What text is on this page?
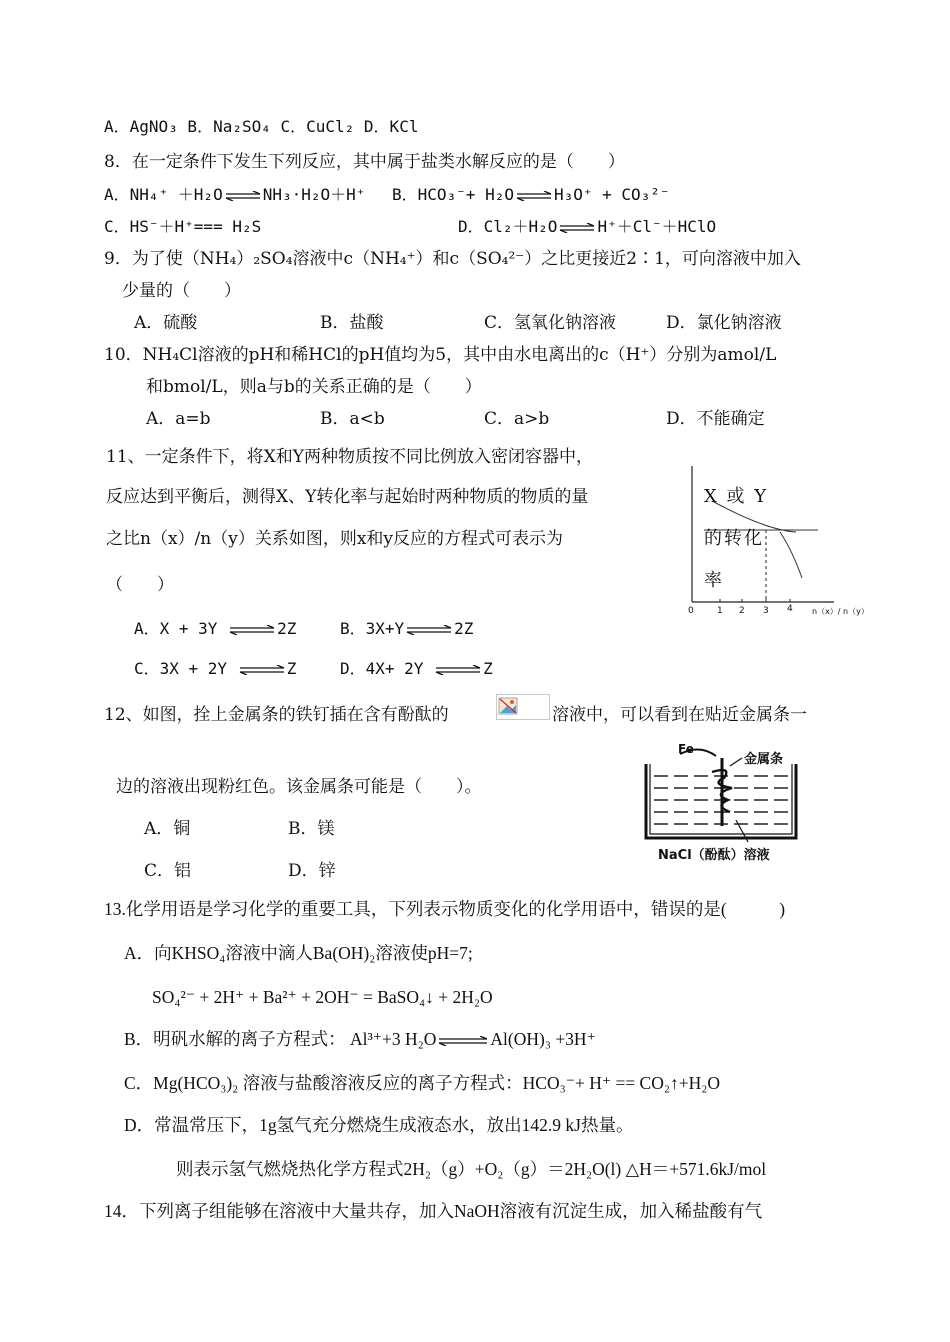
A．AgNO₃ B．Na₂SO₄ C．CuCl₂ D．KCl
8．在一定条件下发生下列反应，其中属于盐类水解反应的是（　　）
A．NH₄⁺ ＋H₂O ⇌ NH₃·H₂O＋H⁺ B．HCO₃⁻+ H₂O ⇌ H₃O⁺ + CO₃²⁻
C．HS⁻＋H⁺=== H₂S	D．Cl₂＋H₂O ⇌ H⁺＋Cl⁻＋HClO
9．为了使（NH₄）₂SO₄溶液中c（NH₄⁺）和c（SO₄²⁻）之比更接近2∶1，可向溶液中加入
少量的（　　）
A．硫酸	B．盐酸	C．氢氧化钠溶液	D．氯化钠溶液
10．NH₄Cl溶液的pH和稀HCl的pH值均为5，其中由水电离出的c（H⁺）分别为amol/L
和bmol/L，则a与b的关系正确的是（　　）
A．a=b	B．a<b	C．a>b	D．不能确定
11、一定条件下，将X和Y两种物质按不同比例放入密闭容器中，
反应达到平衡后，测得X、Y转化率与起始时两种物质的物质的量
之比n（x）/n（y）关系如图，则x和y反应的方程式可表示为
（　　）
A．X + 3Y ⇌ 2Z	B．3X+Y ⇌ 2Z
C．3X + 2Y ⇌ Z	D．4X+ 2Y ⇌ Z
X 或 Y
的转化
率
0	1 2 3 4 n（x）/ n（y）
12、如图，拴上金属条的铁钉插在含有酚酞的	溶液中，可以看到在贴近金属条一
边的溶液出现粉红色。该金属条可能是（　　）。
A．铜	B．镁
C．铝	D．锌
Fe
金属条
NaCl（酚酞）溶液
13.化学用语是学习化学的重要工具，下列表示物质变化的化学用语中，错误的是(　　　)
A．向KHSO₄溶液中滴人Ba(OH)₂溶液使pH=7;
SO₄²⁻ + 2H⁺ + Ba²⁺ + 2OH⁻ = BaSO₄↓ + 2H₂O
B．明矾水解的离子方程式： Al³⁺+3 H₂O ⇌ Al(OH)₃ +3H⁺
C．Mg(HCO₃)₂ 溶液与盐酸溶液反应的离子方程式：HCO₃⁻+ H⁺ == CO₂↑+H₂O
D．常温常压下，1g氢气充分燃烧生成液态水，放出142.9 kJ热量。
则表示氢气燃烧热化学方程式2H₂（g）+O₂（g）＝2H₂O(l) △H＝+571.6kJ/mol
14．下列离子组能够在溶液中大量共存，加入NaOH溶液有沉淀生成，加入稀盐酸有气
